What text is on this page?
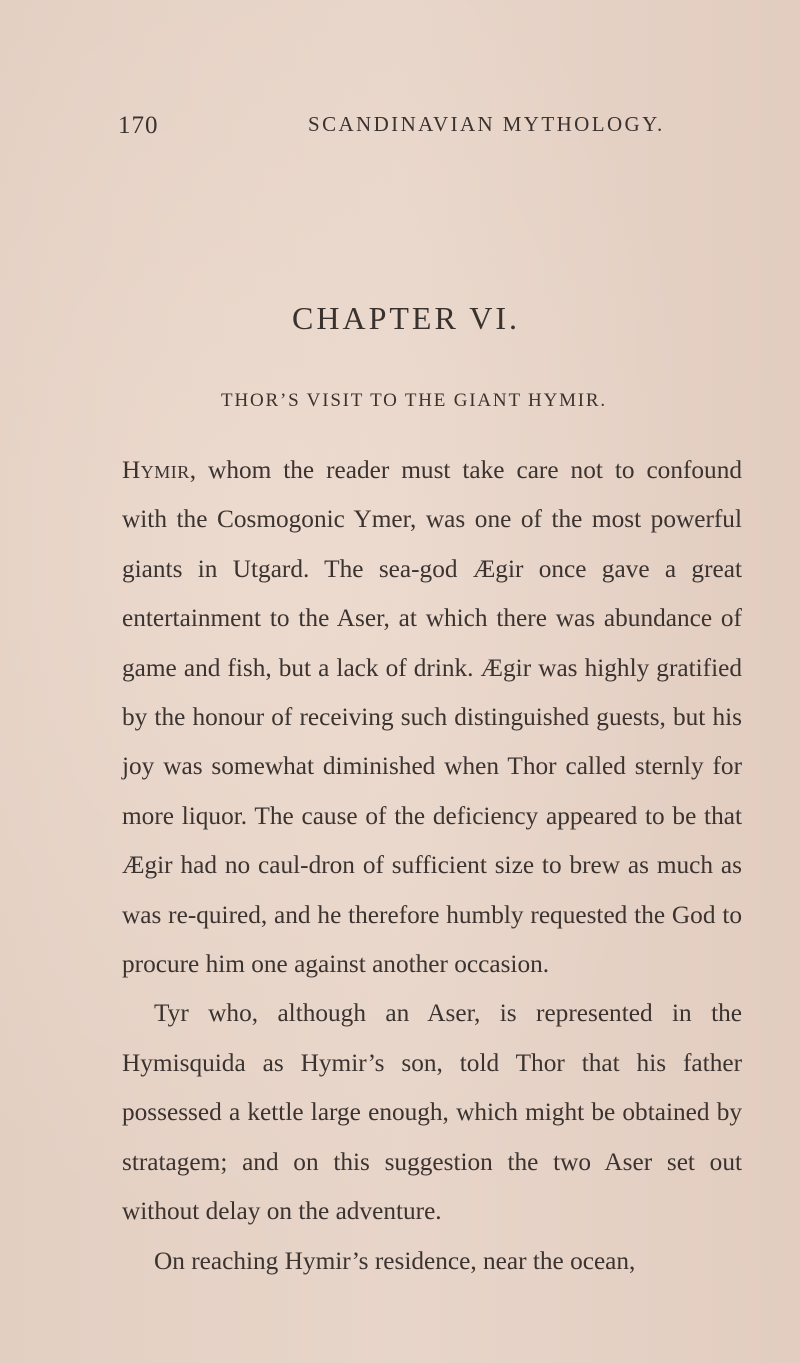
170	SCANDINAVIAN MYTHOLOGY.
CHAPTER VI.
THOR’S VISIT TO THE GIANT HYMIR.

Hymir, whom the reader must take care not to confound with the Cosmogonic Ymer, was one of the most powerful giants in Utgard. The sea-god Ægir once gave a great entertainment to the Aser, at which there was abundance of game and fish, but a lack of drink. Ægir was highly gratified by the honour of receiving such distinguished guests, but his joy was somewhat diminished when Thor called sternly for more liquor. The cause of the deficiency appeared to be that Ægir had no caul-dron of sufficient size to brew as much as was re-quired, and he therefore humbly requested the God to procure him one against another occasion.

Tyr who, although an Aser, is represented in the Hymisquida as Hymir’s son, told Thor that his father possessed a kettle large enough, which might be obtained by stratagem; and on this suggestion the two Aser set out without delay on the adventure.

On reaching Hymir’s residence, near the ocean,
